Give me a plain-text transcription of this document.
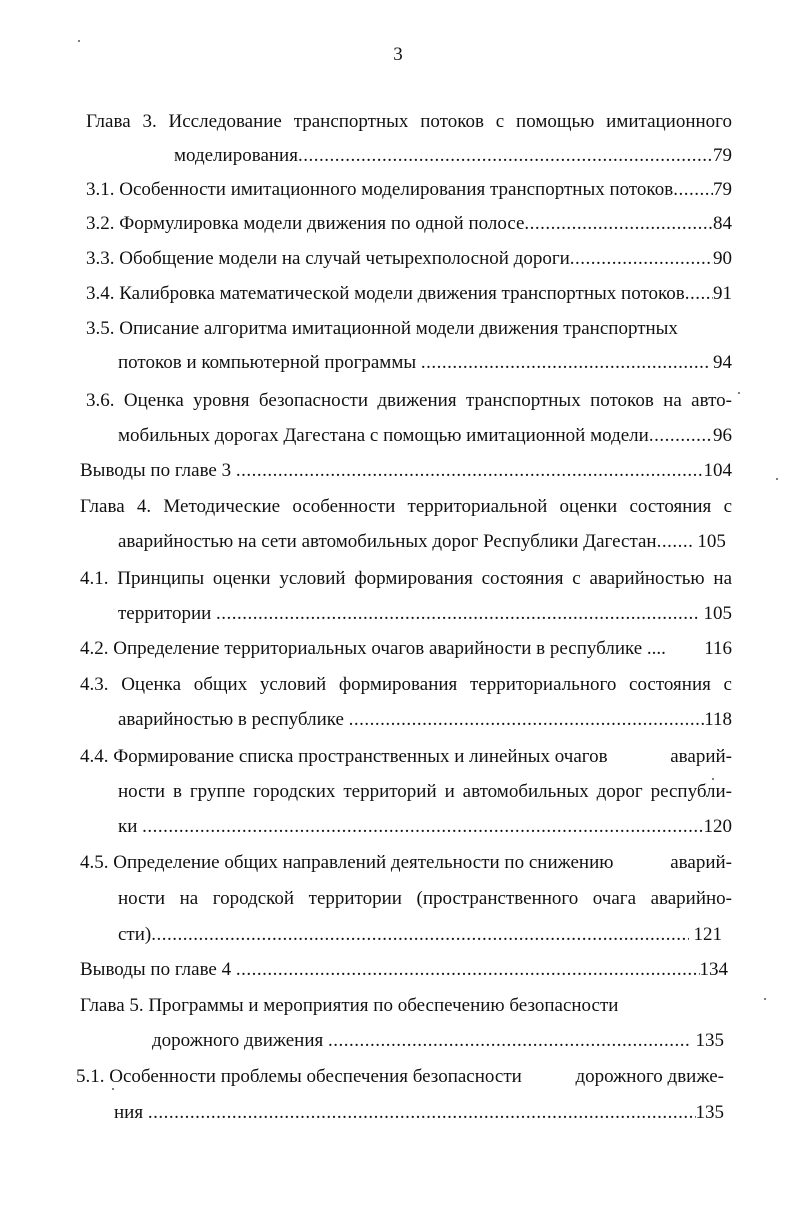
3
Глава 3. Исследование транспортных потоков с помощью имитационного
моделирования .....	79
3.1. Особенности имитационного моделирования транспортных потоков ..... 79
3.2. Формулировка модели движения по одной полосе .....	84
3.3. Обобщение модели на случай четырехполосной дороги .....	90
3.4. Калибровка математической модели движения транспортных потоков ..... 91
3.5. Описание алгоритма имитационной модели движения транспортных
потоков и компьютерной программы .....	94
3.6. Оценка уровня безопасности движения транспортных потоков на авто-
мобильных дорогах Дагестана с помощью имитационной модели .....	96
Выводы по главе 3 .....	104
Глава 4. Методические особенности территориальной оценки состояния с
аварийностью на сети автомобильных дорог Республики Дагестан ..... 105
4.1. Принципы оценки условий формирования состояния с аварийностью на
территории .....	105
4.2. Определение территориальных очагов аварийности в республике .... 116
4.3. Оценка общих условий формирования территориального состояния с
аварийностью в республике .....	118
4.4. Формирование списка пространственных и линейных очагов	аварий-
ности в группе городских территорий и автомобильных дорог республи-
ки .....	120
4.5. Определение общих направлений деятельности по снижению	аварий-
ности на городской территории (пространственного очага аварийно-
сти) .....	121
Выводы по главе 4 .....	134
Глава 5. Программы и мероприятия по обеспечению безопасности
дорожного движения .....	135
5.1. Особенности проблемы обеспечения безопасности	дорожного движе-
ния .....	135
